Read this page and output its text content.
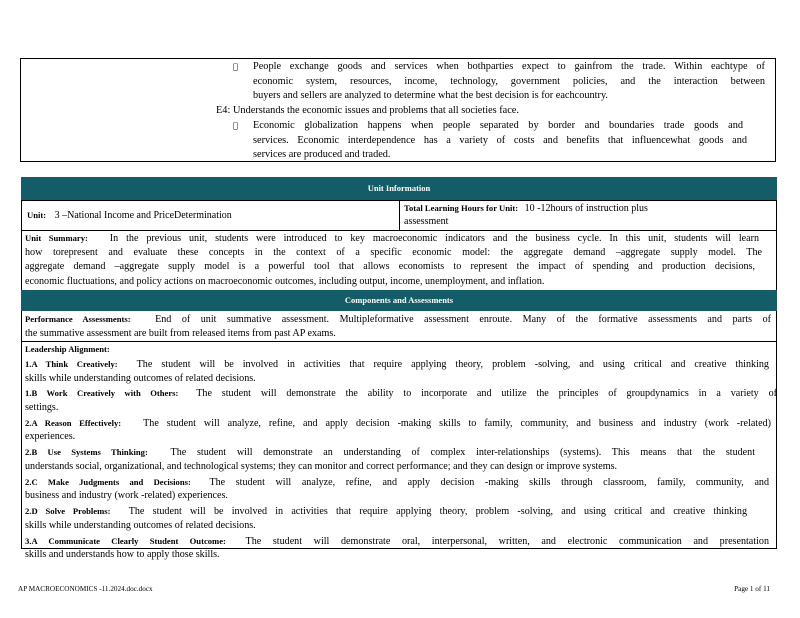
People exchange goods and services when bothparties expect to gainfrom the trade. Within eachtype of
economic system, resources, income, technology, government policies, and the interaction between
buyers and sellers are analyzed to determine what the best decision is for eachcountry.
E4: Understands the economic issues and problems that all societies face.
Economic globalization happens when people separated by border and boundaries trade goods and
services. Economic interdependence has a variety of costs and benefits that influencewhat goods and
services are produced and traded.
Unit Information
Unit: 3 –National Income and PriceDetermination
Total Learning Hours for Unit: 10 -12hours of instruction plus
assessment
Unit Summary: In the previous unit, students were introduced to key macroeconomic indicators and the business cycle. In this unit, students will learn
how torepresent and evaluate these concepts in the context of a specific economic model: the aggregate demand –aggregate supply model. The
aggregate demand –aggregate supply model is a powerful tool that allows economists to represent the impact of spending and production decisions,
economic fluctuations, and policy actions on macroeconomic outcomes, including output, income, unemployment, and inflation.
Components and Assessments
Performance Assessments: End of unit summative assessment. Multipleformative assessment enroute. Many of the formative assessments and parts of
the summative assessment are built from released items from past AP exams.
Leadership Alignment:
1.A Think Creatively: The student will be involved in activities that require applying theory, problem -solving, and using critical and creative thinking
skills while understanding outcomes of related decisions.
1.B Work Creatively with Others: The student will demonstrate the ability to incorporate and utilize the principles of groupdynamics in a variety of
settings.
2.A Reason Effectively: The student will analyze, refine, and apply decision -making skills to family, community, and business and industry (work -related)
experiences.
2.B Use Systems Thinking: The student will demonstrate an understanding of complex inter-relationships (systems). This means that the student
understands social, organizational, and technological systems; they can monitor and correct performance; and they can design or improve systems.
2.C Make Judgments and Decisions: The student will analyze, refine, and apply decision -making skills through classroom, family, community, and
business and industry (work -related) experiences.
2.D Solve Problems: The student will be involved in activities that require applying theory, problem -solving, and using critical and creative thinking
skills while understanding outcomes of related decisions.
3.A Communicate Clearly Student Outcome: The student will demonstrate oral, interpersonal, written, and electronic communication and presentation
skills and understands how to apply those skills.
AP MACROECONOMICS -11.2024.doc.docx	Page 1 of 11
